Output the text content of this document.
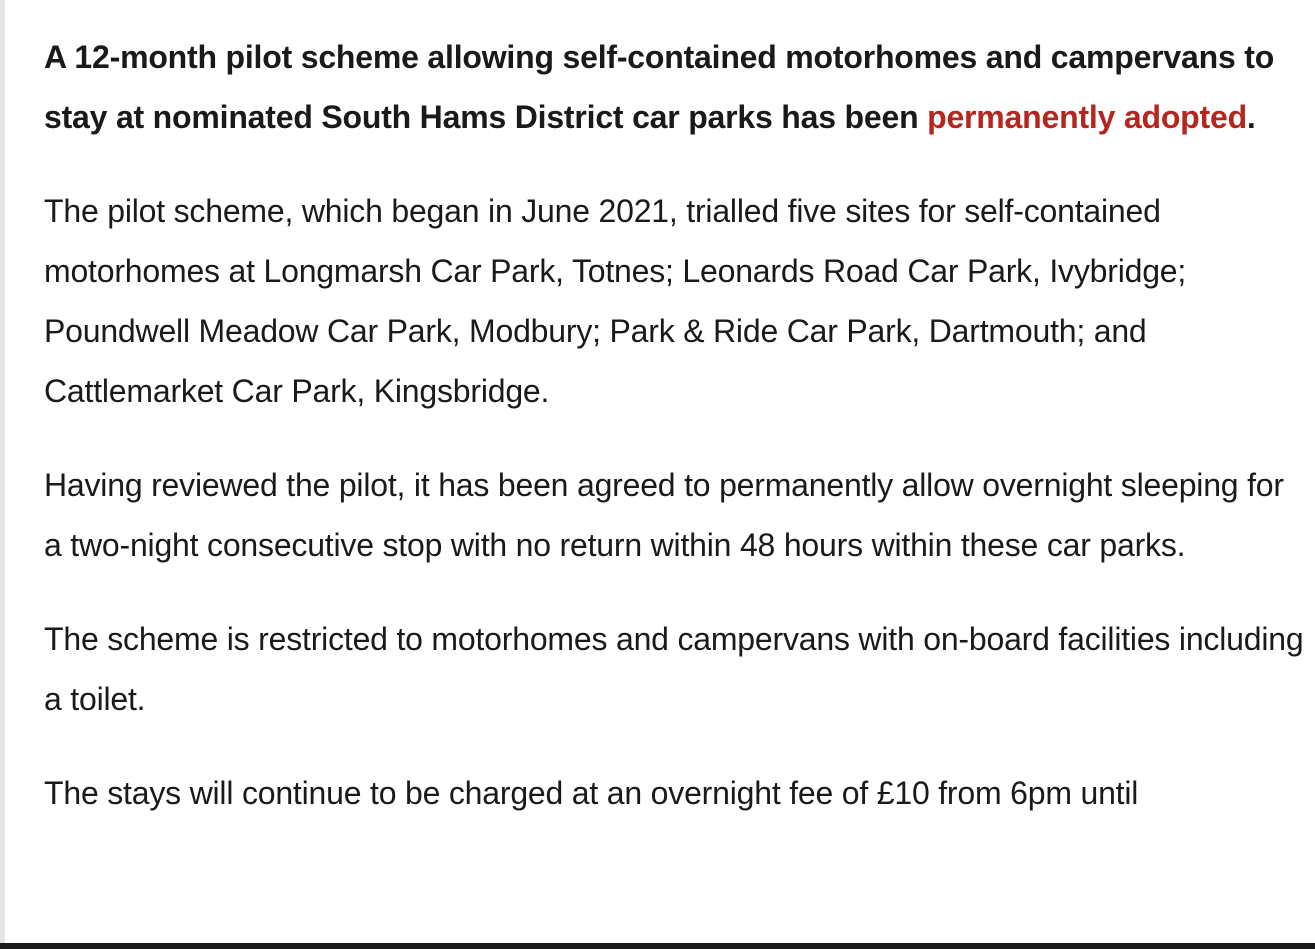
A 12-month pilot scheme allowing self-contained motorhomes and campervans to stay at nominated South Hams District car parks has been permanently adopted.

The pilot scheme, which began in June 2021, trialled five sites for self-contained motorhomes at Longmarsh Car Park, Totnes; Leonards Road Car Park, Ivybridge; Poundwell Meadow Car Park, Modbury; Park & Ride Car Park, Dartmouth; and Cattlemarket Car Park, Kingsbridge.

Having reviewed the pilot, it has been agreed to permanently allow overnight sleeping for a two-night consecutive stop with no return within 48 hours within these car parks.

The scheme is restricted to motorhomes and campervans with on-board facilities including a toilet.

The stays will continue to be charged at an overnight fee of £10 from 6pm until
